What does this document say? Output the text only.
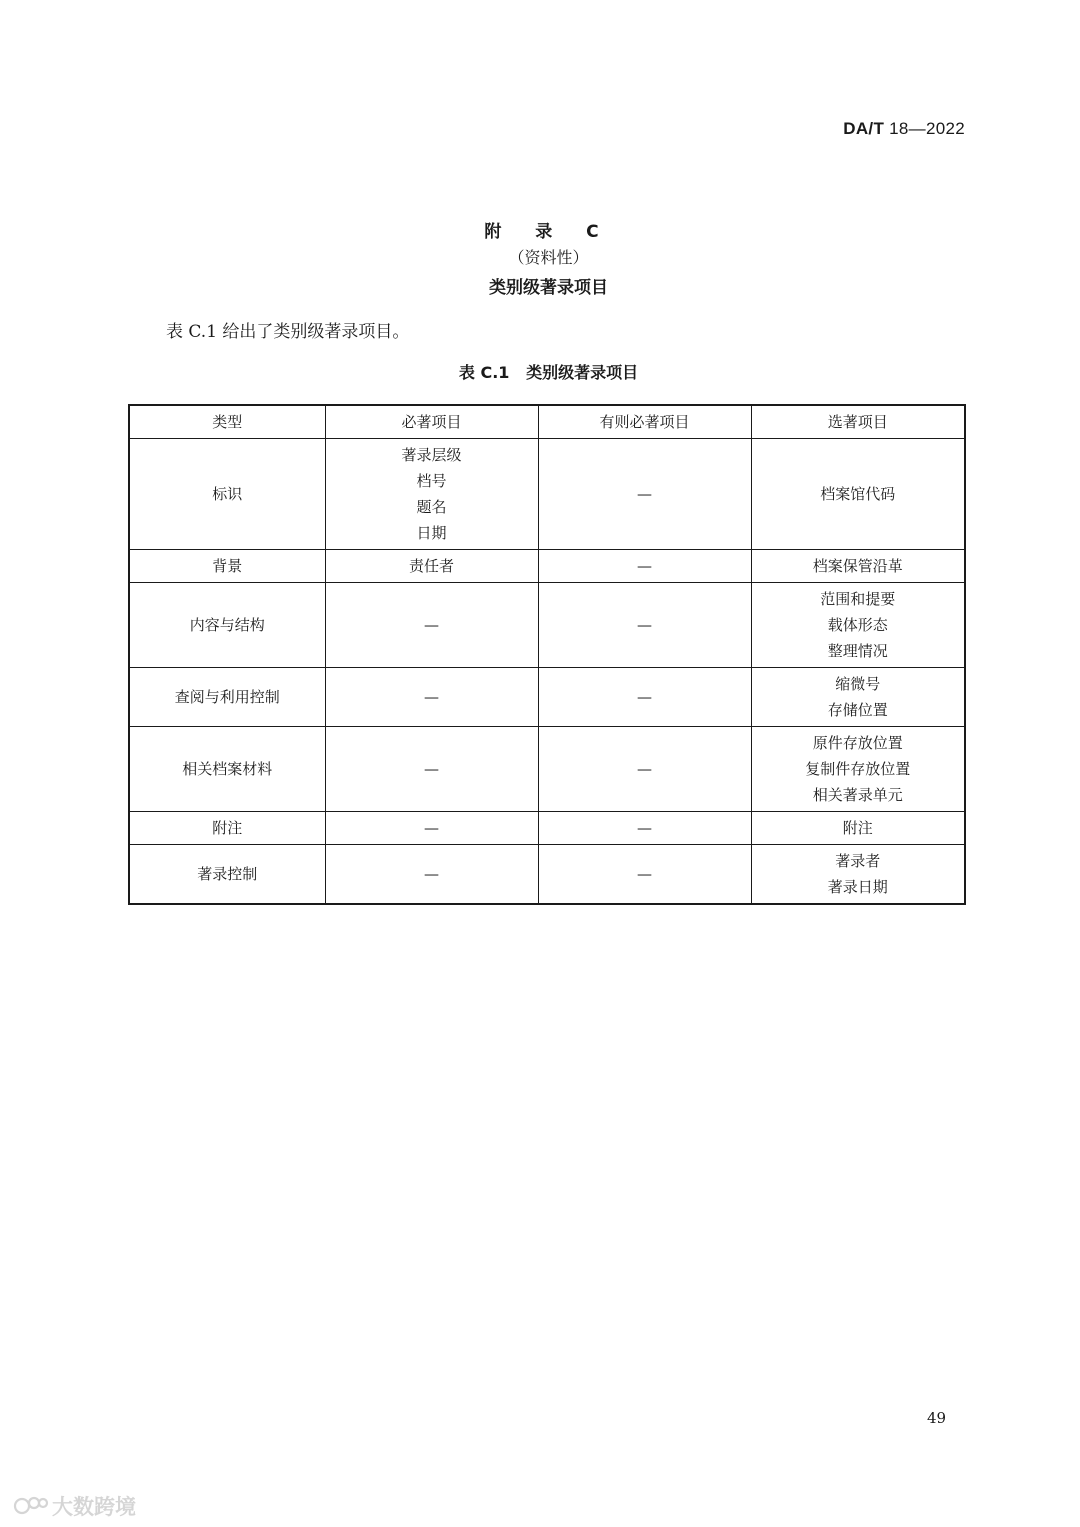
DA/T 18—2022
附 录 C
（资料性）
类别级著录项目
表 C.1 给出了类别级著录项目。
表 C.1   类别级著录项目
类型	必著项目	有则必著项目	选著项目
标识	著录层级
档号
题名
日期	—	档案馆代码

背景	责任者	—	档案保管沿革

内容与结构	—	—	范围和提要
载体形态
整理情况

查阅与利用控制	—	—	缩微号
存储位置

相关档案材料	—	—	原件存放位置
复制件存放位置
相关著录单元

附注	—	—	附注

著录控制	—	—	著录者
著录日期
49
大数跨境
